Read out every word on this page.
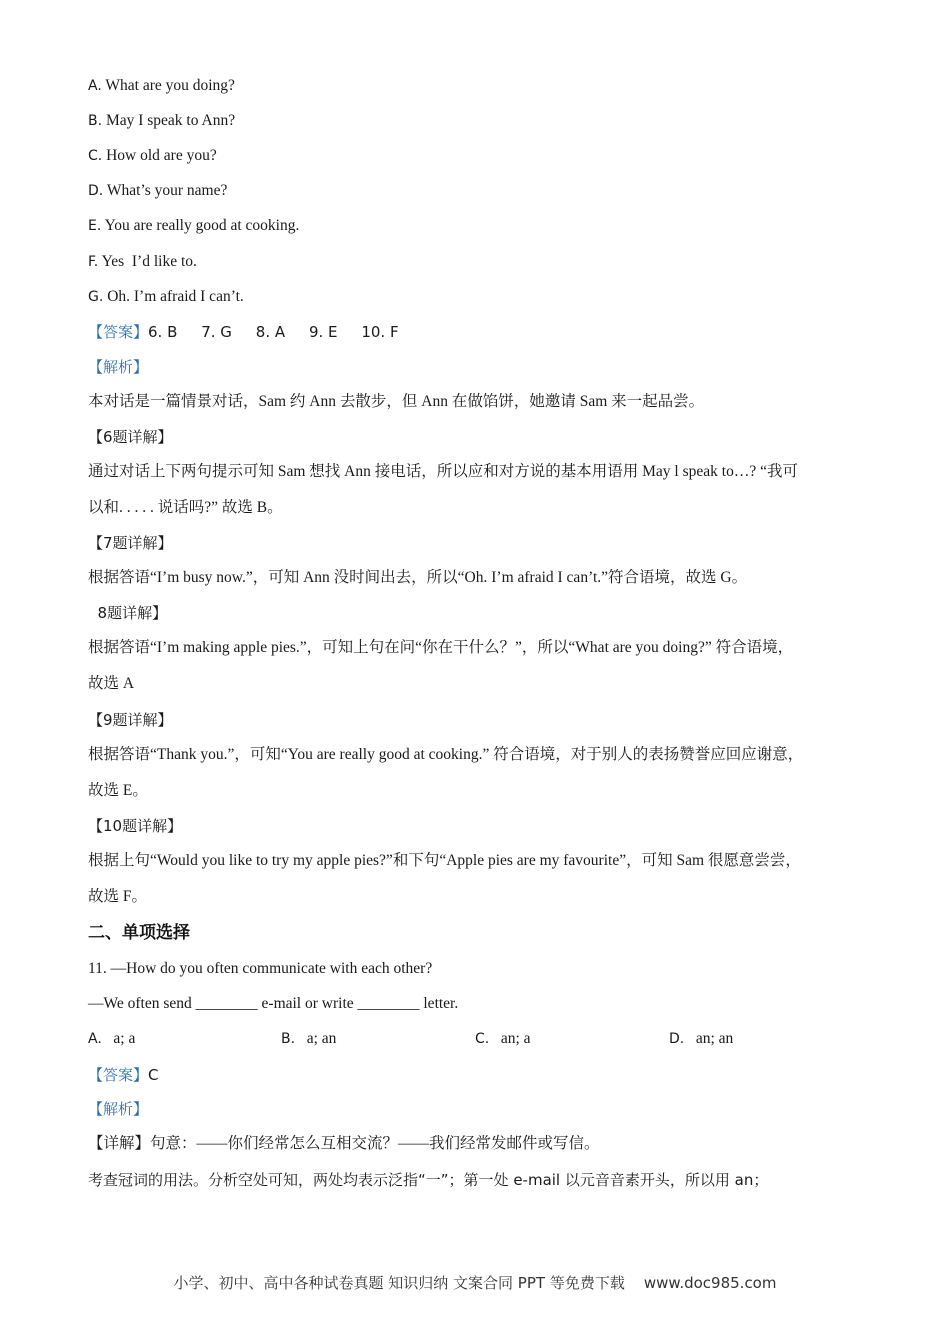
A. What are you doing?
B. May I speak to Ann?
C. How old are you?
D. What’s your name?
E. You are really good at cooking.
F. Yes  I’d like to.
G. Oh. I’m afraid I can’t.
【答案】6. B     7. G     8. A     9. E     10. F
【解析】
本对话是一篇情景对话，Sam 约 Ann 去散步，但 Ann 在做馅饼，她邀请 Sam 来一起品尝。
【6题详解】
通过对话上下两句提示可知 Sam 想找 Ann 接电话，所以应和对方说的基本用语用 May l speak to…? “我可
以和. . . . . 说话吗?” 故选 B。
【7题详解】
根据答语“I’m busy now.”，可知 Ann 没时间出去，所以“Oh. I’m afraid I can’t.”符合语境，故选 G。
8题详解】
根据答语“I’m making apple pies.”，可知上句在问“你在干什么？”，所以“What are you doing?” 符合语境，
故选 A
【9题详解】
根据答语“Thank you.”，可知“You are really good at cooking.” 符合语境，对于别人的表扬赞誉应回应谢意，
故选 E。
【10题详解】
根据上句“Would you like to try my apple pies?”和下句“Apple pies are my favourite”，可知 Sam 很愿意尝尝，
故选 F。
二、单项选择
11. —How do you often communicate with each other?
—We often send ________ e-mail or write ________ letter.
A. a; a	B. a; an	C. an; a	D. an; an
【答案】C
【解析】
【详解】句意：——你们经常怎么互相交流？——我们经常发邮件或写信。
考查冠词的用法。分析空处可知，两处均表示泛指“一”；第一处 e-mail 以元音音素开头，所以用 an；
小学、初中、高中各种试卷真题 知识归纳 文案合同 PPT 等免费下载    www.doc985.com
